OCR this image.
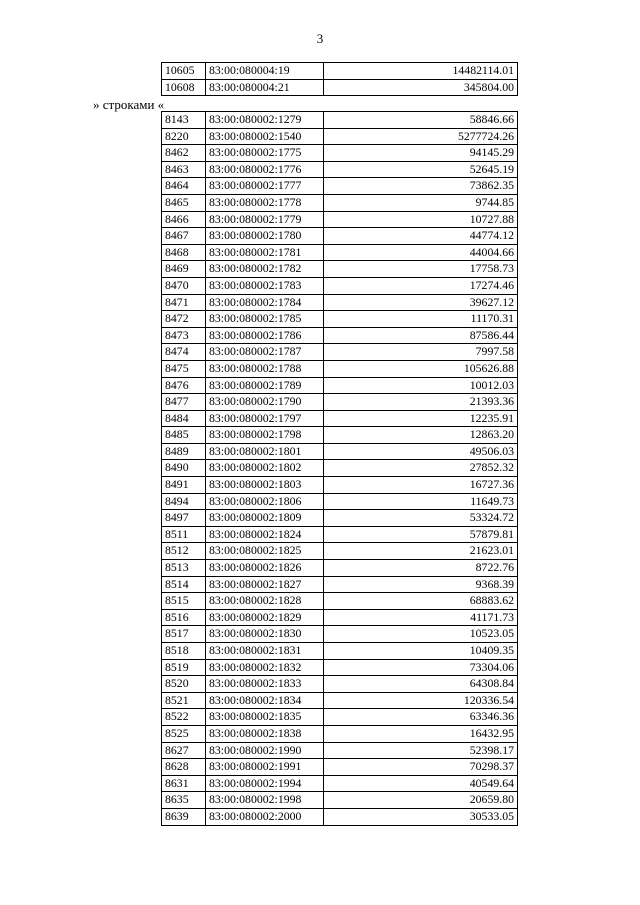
3
10605	83:00:080004:19	14482114.01
10608	83:00:080004:21	345804.00
» строками «
8143	83:00:080002:1279	58846.66
8220	83:00:080002:1540	5277724.26
8462	83:00:080002:1775	94145.29
8463	83:00:080002:1776	52645.19
8464	83:00:080002:1777	73862.35
8465	83:00:080002:1778	9744.85
8466	83:00:080002:1779	10727.88
8467	83:00:080002:1780	44774.12
8468	83:00:080002:1781	44004.66
8469	83:00:080002:1782	17758.73
8470	83:00:080002:1783	17274.46
8471	83:00:080002:1784	39627.12
8472	83:00:080002:1785	11170.31
8473	83:00:080002:1786	87586.44
8474	83:00:080002:1787	7997.58
8475	83:00:080002:1788	105626.88
8476	83:00:080002:1789	10012.03
8477	83:00:080002:1790	21393.36
8484	83:00:080002:1797	12235.91
8485	83:00:080002:1798	12863.20
8489	83:00:080002:1801	49506.03
8490	83:00:080002:1802	27852.32
8491	83:00:080002:1803	16727.36
8494	83:00:080002:1806	11649.73
8497	83:00:080002:1809	53324.72
8511	83:00:080002:1824	57879.81
8512	83:00:080002:1825	21623.01
8513	83:00:080002:1826	8722.76
8514	83:00:080002:1827	9368.39
8515	83:00:080002:1828	68883.62
8516	83:00:080002:1829	41171.73
8517	83:00:080002:1830	10523.05
8518	83:00:080002:1831	10409.35
8519	83:00:080002:1832	73304.06
8520	83:00:080002:1833	64308.84
8521	83:00:080002:1834	120336.54
8522	83:00:080002:1835	63346.36
8525	83:00:080002:1838	16432.95
8627	83:00:080002:1990	52398.17
8628	83:00:080002:1991	70298.37
8631	83:00:080002:1994	40549.64
8635	83:00:080002:1998	20659.80
8639	83:00:080002:2000	30533.05
